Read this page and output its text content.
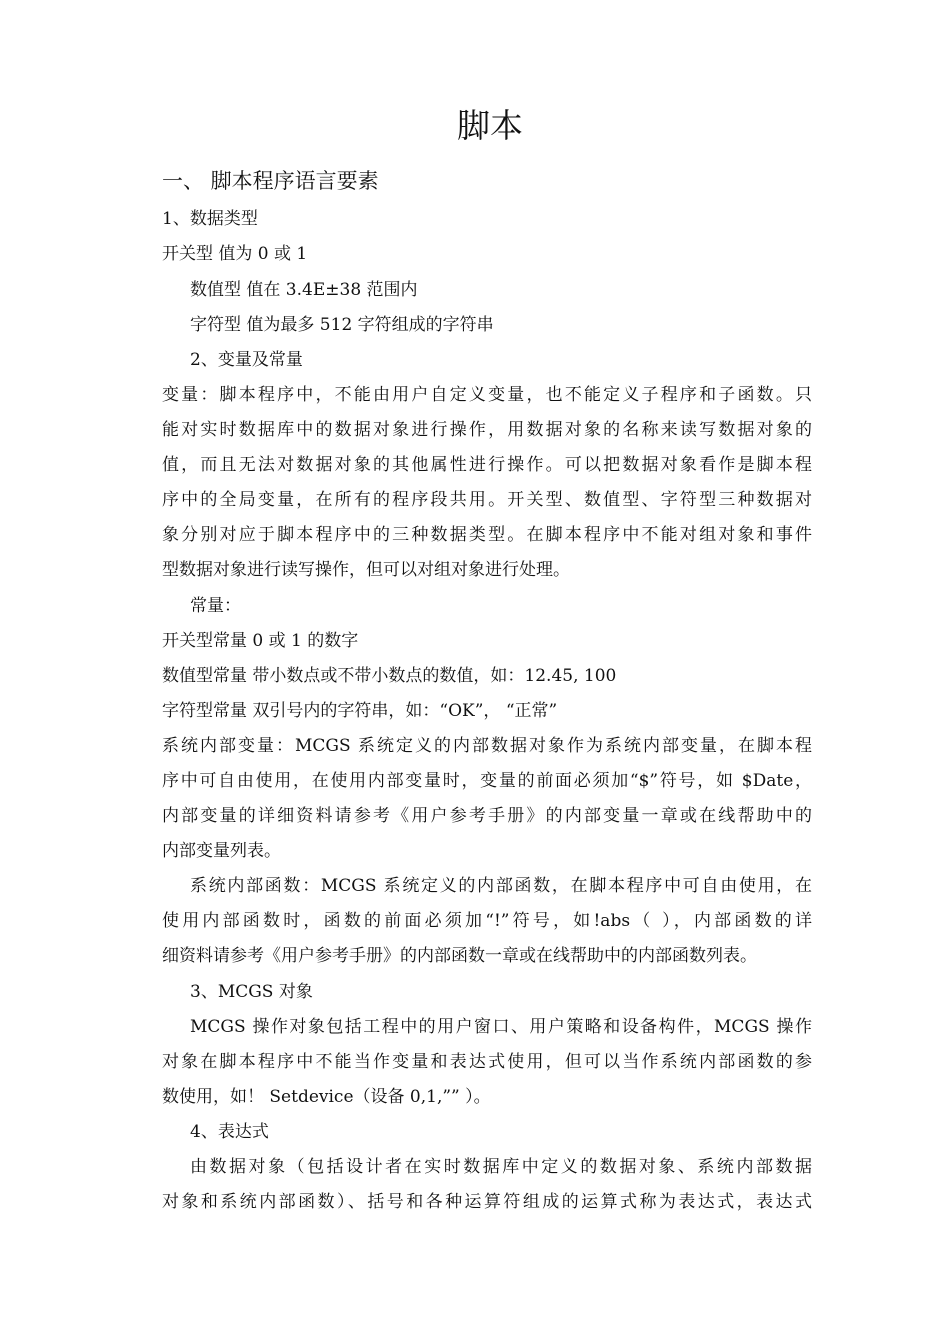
脚本
一、 脚本程序语言要素
1、数据类型
开关型 值为 0 或 1
数值型 值在 3.4E±38 范围内
字符型 值为最多 512 字符组成的字符串
2、变量及常量
变量：脚本程序中，不能由用户自定义变量，也不能定义子程序和子函数。只
能对实时数据库中的数据对象进行操作，用数据对象的名称来读写数据对象的
值，而且无法对数据对象的其他属性进行操作。可以把数据对象看作是脚本程
序中的全局变量，在所有的程序段共用。开关型、数值型、字符型三种数据对
象分别对应于脚本程序中的三种数据类型。在脚本程序中不能对组对象和事件
型数据对象进行读写操作，但可以对组对象进行处理。
常量：
开关型常量 0 或 1 的数字
数值型常量 带小数点或不带小数点的数值，如：12.45, 100
字符型常量 双引号内的字符串，如：“OK”， “正常”
系统内部变量：MCGS 系统定义的内部数据对象作为系统内部变量，在脚本程
序中可自由使用，在使用内部变量时，变量的前面必须加“$”符号，如 $Date，
内部变量的详细资料请参考《用户参考手册》的内部变量一章或在线帮助中的
内部变量列表。
系统内部函数：MCGS 系统定义的内部函数，在脚本程序中可自由使用，在
使用内部函数时，函数的前面必须加“!”符号，如!abs（ ），内部函数的详
细资料请参考《用户参考手册》的内部函数一章或在线帮助中的内部函数列表。
3、MCGS 对象
MCGS 操作对象包括工程中的用户窗口、用户策略和设备构件，MCGS 操作
对象在脚本程序中不能当作变量和表达式使用，但可以当作系统内部函数的参
数使用，如！ Setdevice（设备 0,1,”” ）。
4、表达式
由数据对象（包括设计者在实时数据库中定义的数据对象、系统内部数据
对象和系统内部函数）、括号和各种运算符组成的运算式称为表达式，表达式
